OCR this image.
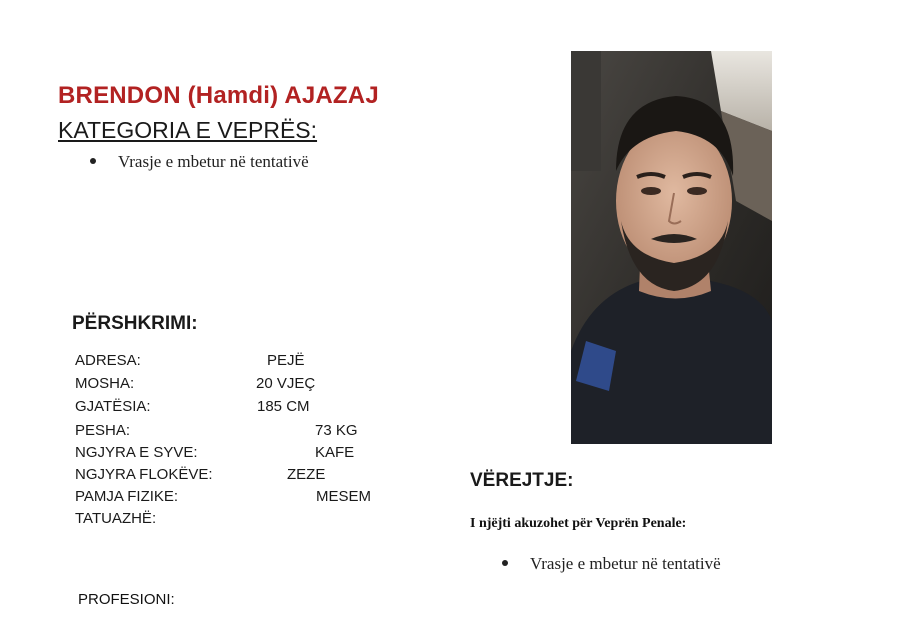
BRENDON (Hamdi) AJAZAJ
KATEGORIA E VEPRËS:
Vrasje e mbetur në tentativë
PËRSHKRIMI:
ADRESA:	PEJË
MOSHA:	20 VJEÇ
GJATËSIA:	185 CM
PESHA:	73 KG
NGJYRA E SYVE:	KAFE
NGJYRA FLOKËVE:	ZEZE
PAMJA FIZIKE:	MESEM
TATUAZHË:
PROFESIONI:
VËREJTJE:
I njëjti akuzohet për Veprën Penale:
Vrasje e mbetur në tentativë
